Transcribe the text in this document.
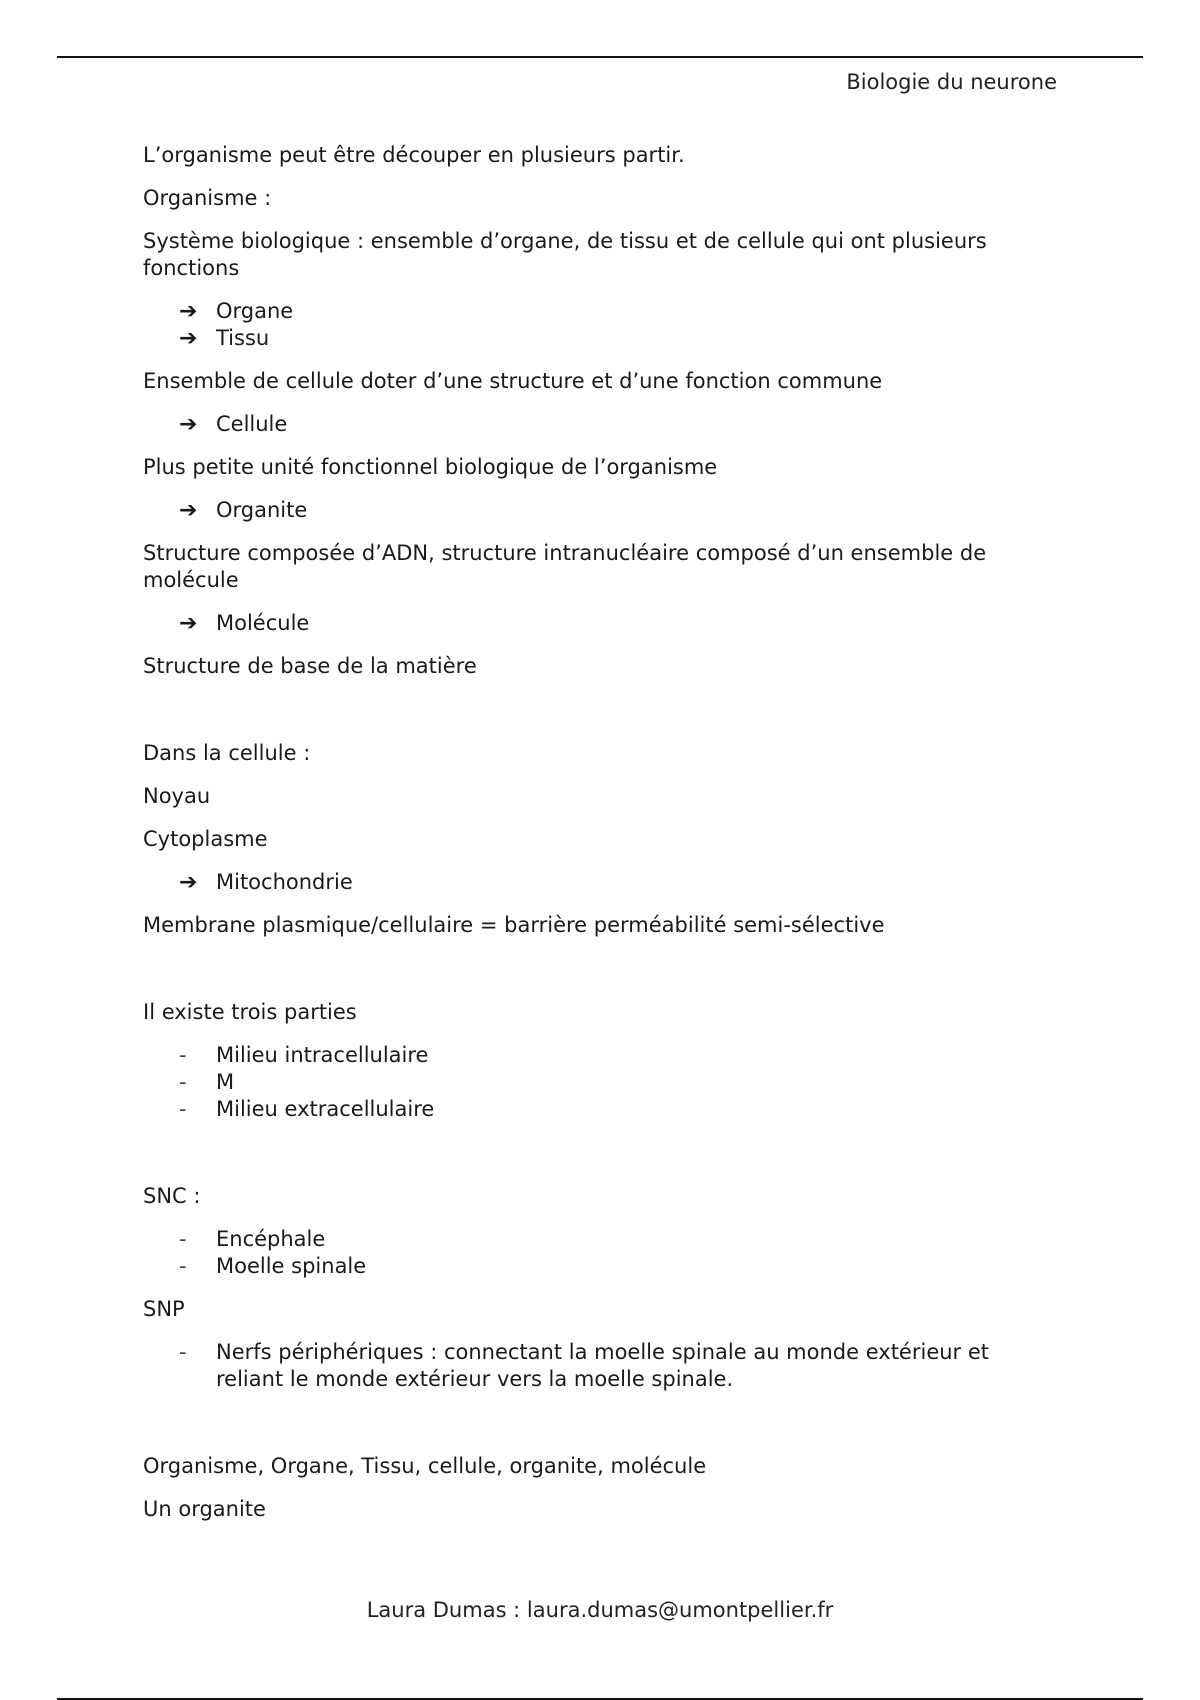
Biologie du neurone

L’organisme peut être découper en plusieurs partir.

Organisme :

Système biologique : ensemble d’organe, de tissu et de cellule qui ont plusieurs fonctions

➔ Organe
➔ Tissu

Ensemble de cellule doter d’une structure et d’une fonction commune

➔ Cellule

Plus petite unité fonctionnel biologique de l’organisme

➔ Organite

Structure composée d’ADN, structure intranucléaire composé d’un ensemble de molécule

➔ Molécule

Structure de base de la matière

Dans la cellule :

Noyau

Cytoplasme

➔ Mitochondrie

Membrane plasmique/cellulaire = barrière perméabilité semi-sélective

Il existe trois parties

-	Milieu intracellulaire
-	M
-	Milieu extracellulaire

SNC :

-	Encéphale
-	Moelle spinale

SNP

-	Nerfs périphériques : connectant la moelle spinale au monde extérieur et reliant le monde extérieur vers la moelle spinale.

Organisme, Organe, Tissu, cellule, organite, molécule

Un organite

Laura Dumas : laura.dumas@umontpellier.fr
